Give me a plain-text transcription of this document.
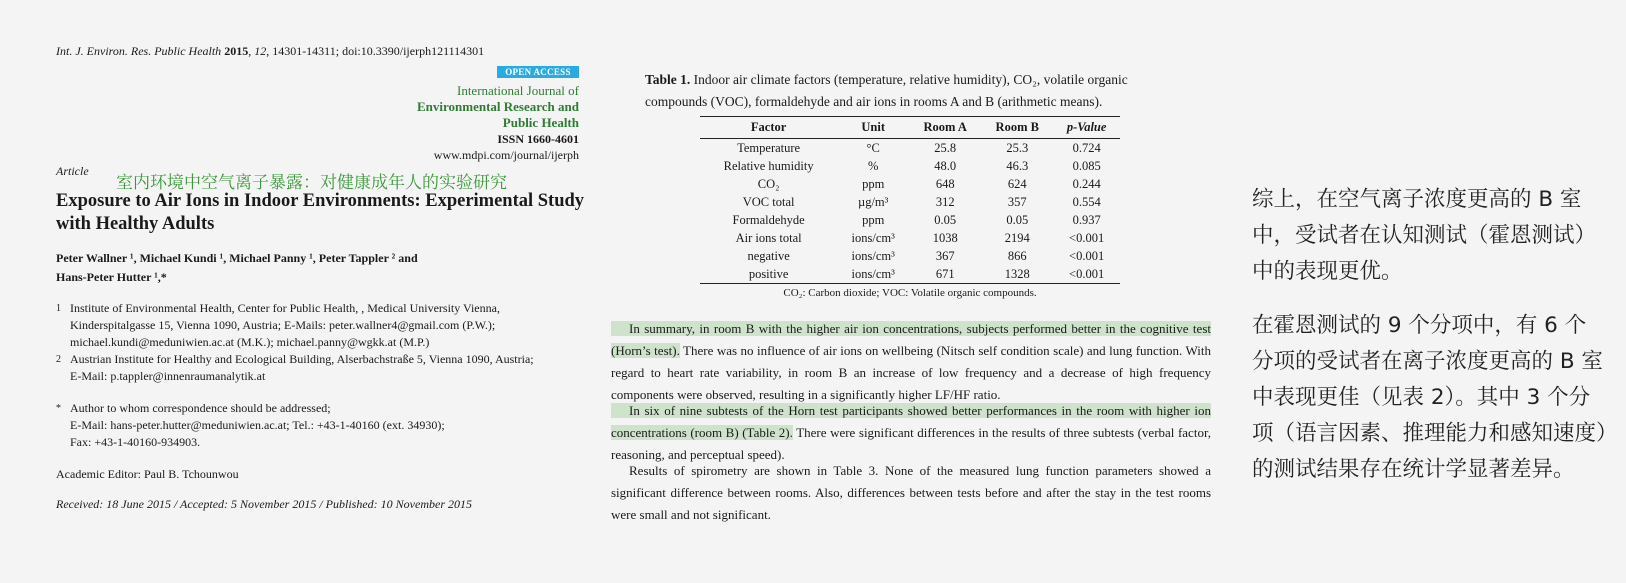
Int. J. Environ. Res. Public Health 2015, 12, 14301-14311; doi:10.3390/ijerph121114301
OPEN ACCESS
International Journal of
Environmental Research and
Public Health
ISSN 1660-4601
www.mdpi.com/journal/ijerph
Article
室内环境中空气离子暴露：对健康成年人的实验研究
Exposure to Air Ions in Indoor Environments: Experimental Study with Healthy Adults
Peter Wallner ¹, Michael Kundi ¹, Michael Panny ¹, Peter Tappler ² and
Hans-Peter Hutter ¹,*
1 Institute of Environmental Health, Center for Public Health, , Medical University Vienna,
Kinderspitalgasse 15, Vienna 1090, Austria; E-Mails: peter.wallner4@gmail.com (P.W.);
michael.kundi@meduniwien.ac.at (M.K.); michael.panny@wgkk.at (M.P.)
2 Austrian Institute for Healthy and Ecological Building, Alserbachstraße 5, Vienna 1090, Austria;
E-Mail: p.tappler@innenraumanalytik.at
* Author to whom correspondence should be addressed;
E-Mail: hans-peter.hutter@meduniwien.ac.at; Tel.: +43-1-40160 (ext. 34930);
Fax: +43-1-40160-934903.
Academic Editor: Paul B. Tchounwou
Received: 18 June 2015 / Accepted: 5 November 2015 / Published: 10 November 2015
Table 1. Indoor air climate factors (temperature, relative humidity), CO₂, volatile organic
compounds (VOC), formaldehyde and air ions in rooms A and B (arithmetic means).
Factor	Unit	Room A	Room B	p-Value
Temperature	°C	25.8	25.3	0.724
Relative humidity	%	48.0	46.3	0.085
CO₂	ppm	648	624	0.244
VOC total	µg/m³	312	357	0.554
Formaldehyde	ppm	0.05	0.05	0.937
Air ions total	ions/cm³	1038	2194	<0.001
negative	ions/cm³	367	866	<0.001
positive	ions/cm³	671	1328	<0.001
CO₂: Carbon dioxide; VOC: Volatile organic compounds.
In summary, in room B with the higher air ion concentrations, subjects performed better in the cognitive test (Horn’s test). There was no influence of air ions on wellbeing (Nitsch self condition scale) and lung function. With regard to heart rate variability, in room B an increase of low frequency and a decrease of high frequency components were observed, resulting in a significantly higher LF/HF ratio.
In six of nine subtests of the Horn test participants showed better performances in the room with higher ion concentrations (room B) (Table 2). There were significant differences in the results of three subtests (verbal factor, reasoning, and perceptual speed).
Results of spirometry are shown in Table 3. None of the measured lung function parameters showed a significant difference between rooms. Also, differences between tests before and after the stay in the test rooms were small and not significant.
综上，在空气离子浓度更高的 B 室中，受试者在认知测试（霍恩测试）中的表现更优。
在霍恩测试的 9 个分项中，有 6 个分项的受试者在离子浓度更高的 B 室中表现更佳（见表 2）。其中 3 个分项（语言因素、推理能力和感知速度）的测试结果存在统计学显著差异。
